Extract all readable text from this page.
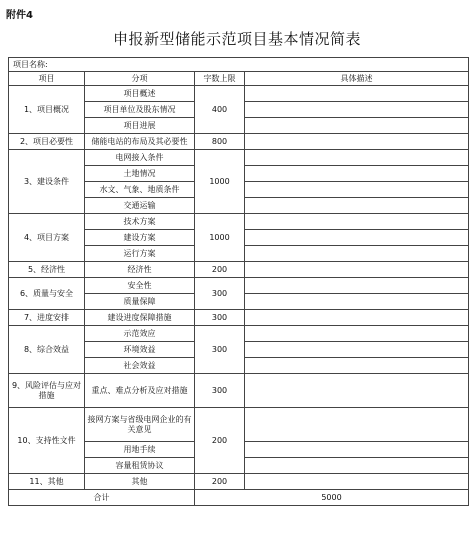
附件4
申报新型储能示范项目基本情况简表
项目名称:			
项目	分项	字数上限	具体描述
1、项目概况	项目概述	400	
	项目单位及股东情况		
	项目进展		
2、项目必要性	储能电站的布局及其必要性	800	
3、建设条件	电网接入条件	1000	
	土地情况		
	水文、气象、地质条件		
	交通运输		
4、项目方案	技术方案	1000	
	建设方案		
	运行方案		
5、经济性	经济性	200	
6、质量与安全	安全性	300	
	质量保障		
7、进度安排	建设进度保障措施	300	
8、综合效益	示范效应	300	
	环境效益		
	社会效益		
9、风险评估与应对措施	重点、难点分析及应对措施	300	
10、支持性文件	接网方案与省级电网企业的有关意见	200	
	用地手续		
	容量租赁协议		
11、其他	其他	200	
合计		5000	
